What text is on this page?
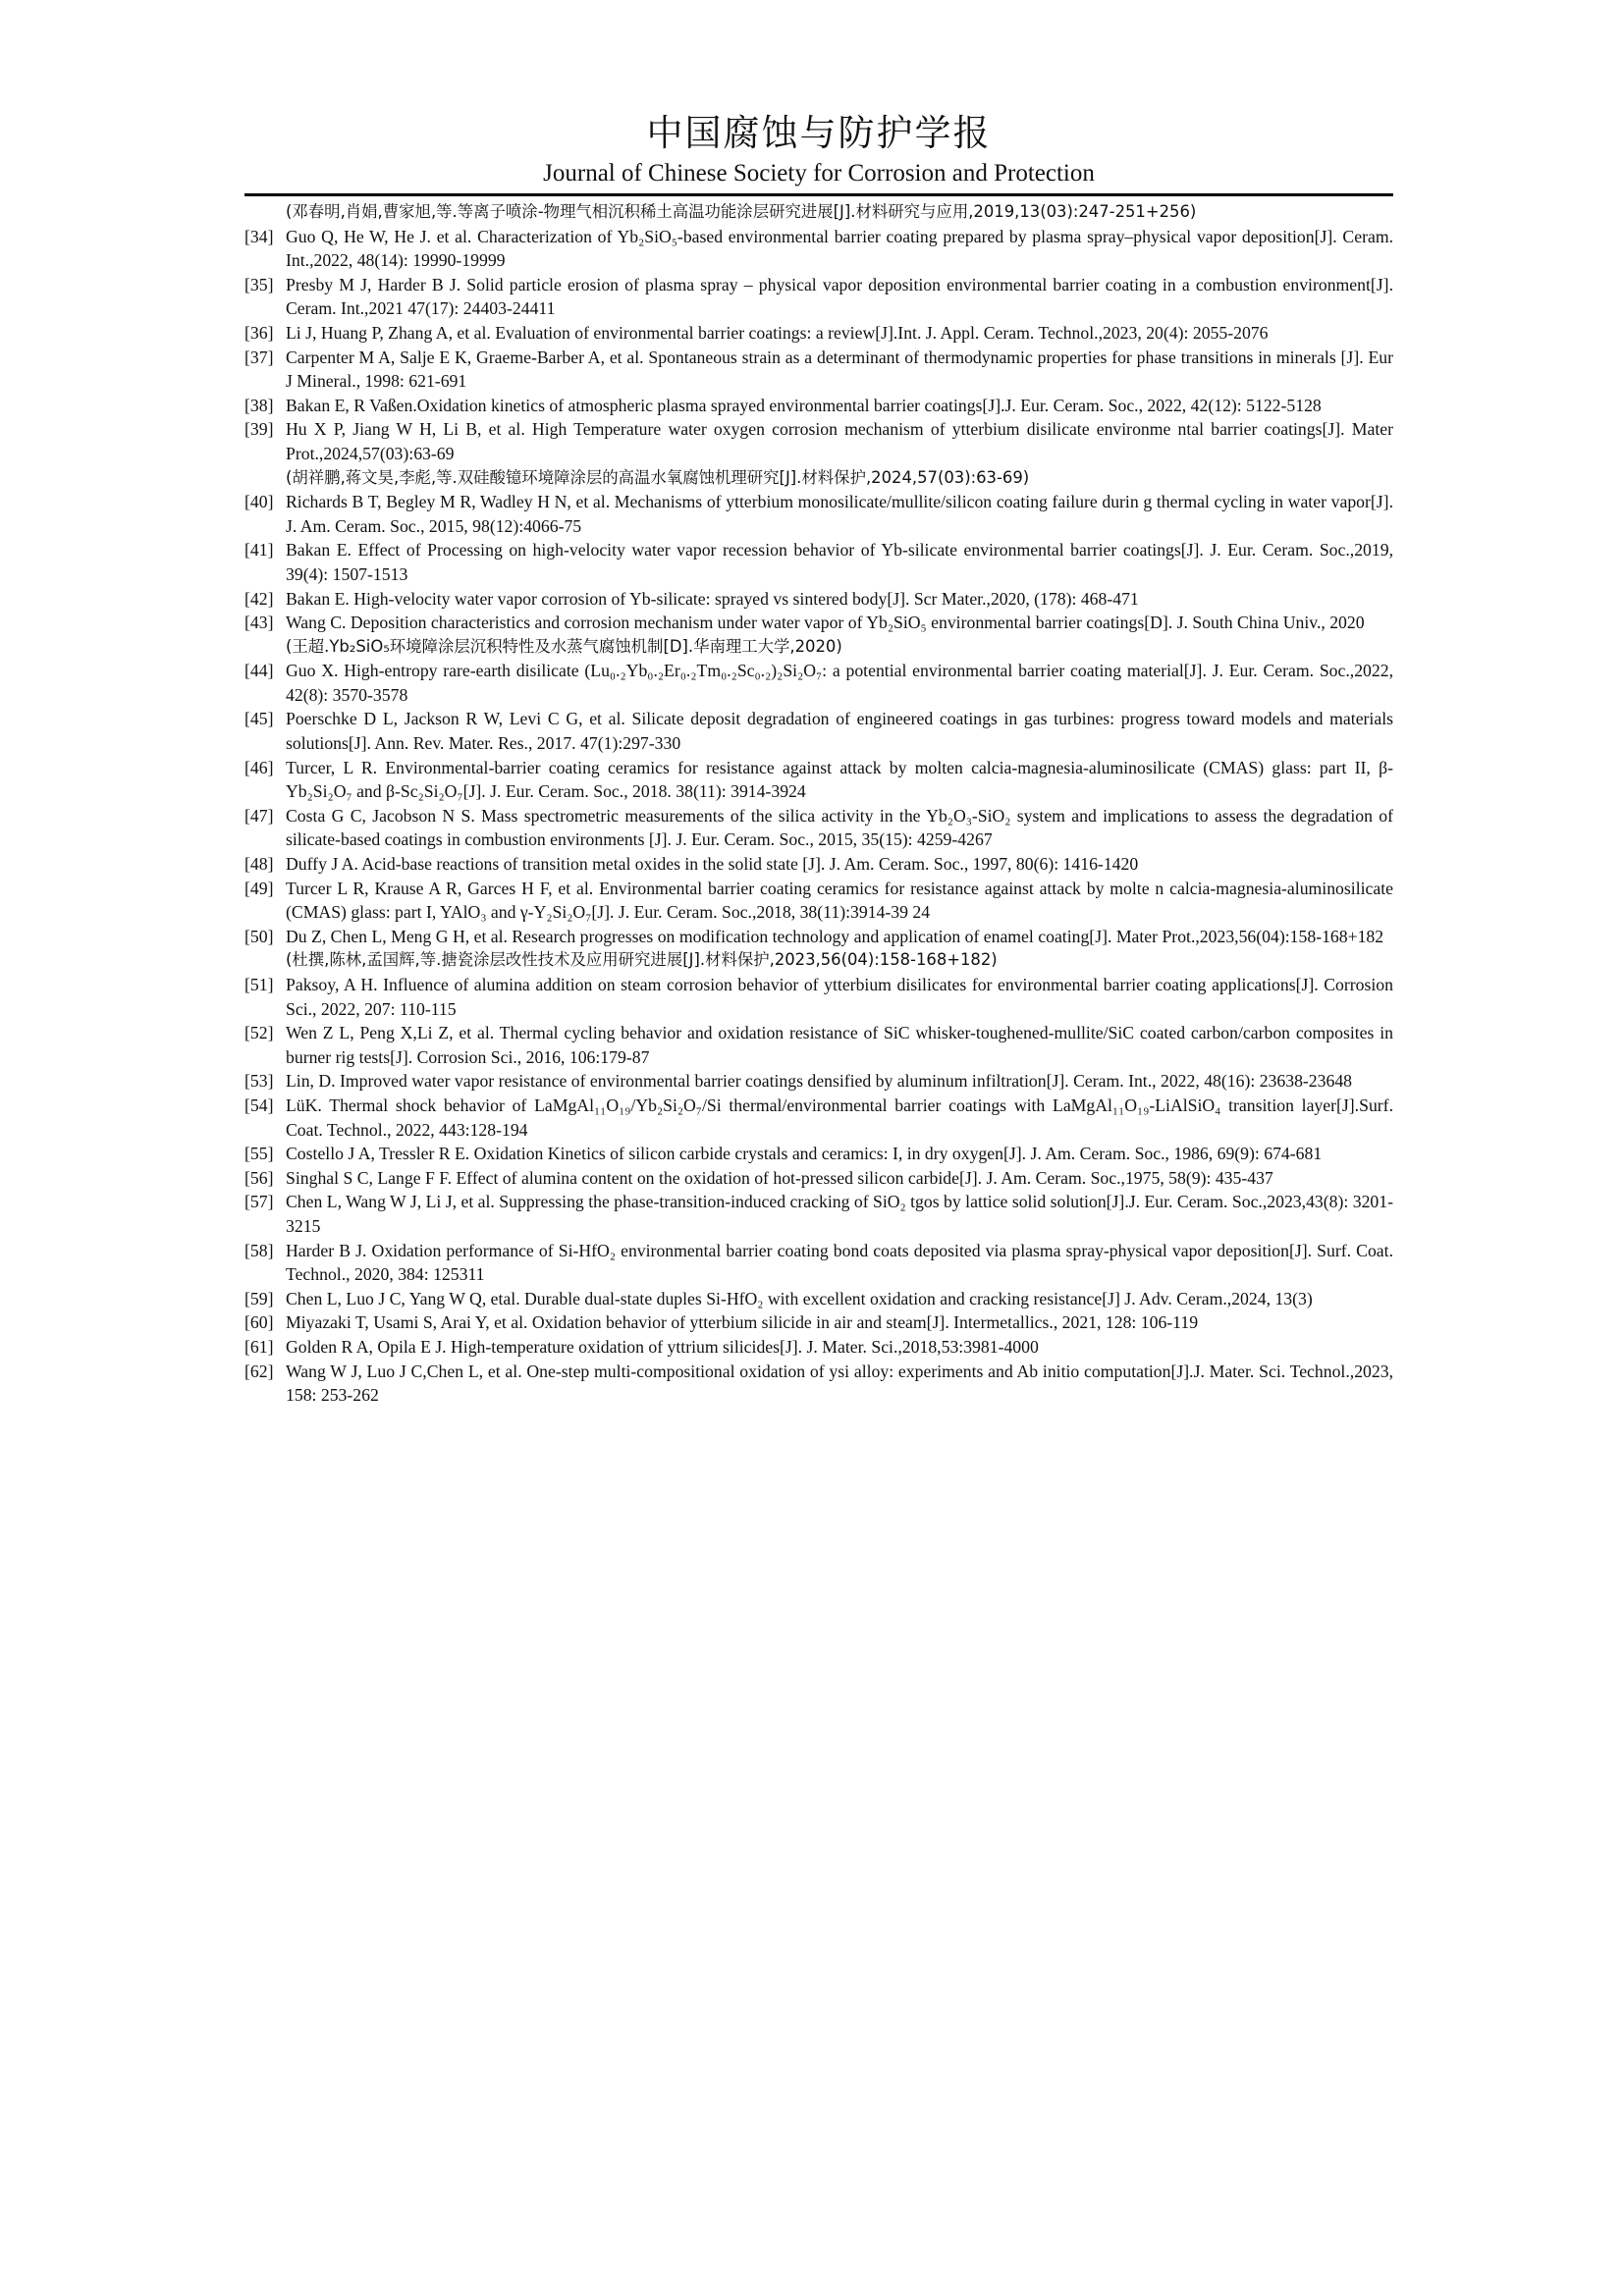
中国腐蚀与防护学报
Journal of Chinese Society for Corrosion and Protection
(邓春明,肖娟,曹家旭,等.等离子喷涂-物理气相沉积稀土高温功能涂层研究进展[J].材料研究与应用,2019,13(03):247-251+256)
[34] Guo Q, He W, He J. et al. Characterization of Yb₂SiO₅-based environmental barrier coating prepared by plasma spray–physical vapor deposition[J]. Ceram. Int.,2022, 48(14): 19990-19999
[35] Presby M J, Harder B J. Solid particle erosion of plasma spray – physical vapor deposition environmental barrier coating in a combustion environment[J]. Ceram. Int.,2021 47(17): 24403-24411
[36] Li J, Huang P, Zhang A, et al. Evaluation of environmental barrier coatings: a review[J].Int. J. Appl. Ceram. Technol.,2023, 20(4): 2055-2076
[37] Carpenter M A, Salje E K, Graeme-Barber A, et al. Spontaneous strain as a determinant of thermodynamic properties for phase transitions in minerals [J]. Eur J Mineral., 1998: 621-691
[38] Bakan E, R Vaßen.Oxidation kinetics of atmospheric plasma sprayed environmental barrier coatings[J].J. Eur. Ceram. Soc., 2022, 42(12): 5122-5128
[39] Hu X P, Jiang W H, Li B, et al. High Temperature water oxygen corrosion mechanism of ytterbium disilicate environme ntal barrier coatings[J]. Mater Prot.,2024,57(03):63-69
(胡祥鹏,蒋文昊,李彪,等.双硅酸镱环境障涂层的高温水氧腐蚀机理研究[J].材料保护,2024,57(03):63-69)
[40] Richards B T, Begley M R, Wadley H N, et al. Mechanisms of ytterbium monosilicate/mullite/silicon coating failure durin g thermal cycling in water vapor[J]. J. Am. Ceram. Soc., 2015, 98(12):4066-75
[41] Bakan E. Effect of Processing on high-velocity water vapor recession behavior of Yb-silicate environmental barrier coatings[J]. J. Eur. Ceram. Soc.,2019, 39(4): 1507-1513
[42] Bakan E. High-velocity water vapor corrosion of Yb-silicate: sprayed vs sintered body[J]. Scr Mater.,2020, (178): 468-471
[43] Wang C. Deposition characteristics and corrosion mechanism under water vapor of Yb₂SiO₅ environmental barrier coatings[D]. J. South China Univ., 2020
(王超.Yb₂SiO₅环境障涂层沉积特性及水蒸气腐蚀机制[D].华南理工大学,2020)
[44] Guo X. High-entropy rare-earth disilicate (Lu₀.₂Yb₀.₂Er₀.₂Tm₀.₂Sc₀.₂)₂Si₂O₇: a potential environmental barrier coating material[J]. J. Eur. Ceram. Soc.,2022, 42(8): 3570-3578
[45] Poerschke D L, Jackson R W, Levi C G, et al. Silicate deposit degradation of engineered coatings in gas turbines: progress toward models and materials solutions[J]. Ann. Rev. Mater. Res., 2017. 47(1):297-330
[46] Turcer, L R. Environmental-barrier coating ceramics for resistance against attack by molten calcia-magnesia-aluminosilicate (CMAS) glass: part II, β-Yb₂Si₂O₇ and β-Sc₂Si₂O₇[J]. J. Eur. Ceram. Soc., 2018. 38(11): 3914-3924
[47] Costa G C, Jacobson N S. Mass spectrometric measurements of the silica activity in the Yb₂O₃-SiO₂ system and implications to assess the degradation of silicate-based coatings in combustion environments [J]. J. Eur. Ceram. Soc., 2015, 35(15): 4259-4267
[48] Duffy J A. Acid-base reactions of transition metal oxides in the solid state [J]. J. Am. Ceram. Soc., 1997, 80(6): 1416-1420
[49] Turcer L R, Krause A R, Garces H F, et al. Environmental barrier coating ceramics for resistance against attack by molte n calcia-magnesia-aluminosilicate (CMAS) glass: part I, YAlO₃ and γ-Y₂Si₂O₇[J]. J. Eur. Ceram. Soc.,2018, 38(11):3914-39 24
[50] Du Z, Chen L, Meng G H, et al. Research progresses on modification technology and application of enamel coating[J]. Mater Prot.,2023,56(04):158-168+182
(杜撰,陈林,孟国辉,等.搪瓷涂层改性技术及应用研究进展[J].材料保护,2023,56(04):158-168+182)
[51] Paksoy, A H. Influence of alumina addition on steam corrosion behavior of ytterbium disilicates for environmental barrier coating applications[J]. Corrosion Sci., 2022, 207: 110-115
[52] Wen Z L, Peng X,Li Z, et al. Thermal cycling behavior and oxidation resistance of SiC whisker-toughened-mullite/SiC coated carbon/carbon composites in burner rig tests[J]. Corrosion Sci., 2016, 106:179-87
[53] Lin, D. Improved water vapor resistance of environmental barrier coatings densified by aluminum infiltration[J]. Ceram. Int., 2022, 48(16): 23638-23648
[54] LüK. Thermal shock behavior of LaMgAl₁₁O₁₉/Yb₂Si₂O₇/Si thermal/environmental barrier coatings with LaMgAl₁₁O₁₉-LiAlSiO₄ transition layer[J].Surf. Coat. Technol., 2022, 443:128-194
[55] Costello J A, Tressler R E. Oxidation Kinetics of silicon carbide crystals and ceramics: I, in dry oxygen[J]. J. Am. Ceram. Soc., 1986, 69(9): 674-681
[56] Singhal S C, Lange F F. Effect of alumina content on the oxidation of hot-pressed silicon carbide[J]. J. Am. Ceram. Soc.,1975, 58(9): 435-437
[57] Chen L, Wang W J, Li J, et al. Suppressing the phase-transition-induced cracking of SiO₂ tgos by lattice solid solution[J].J. Eur. Ceram. Soc.,2023,43(8): 3201-3215
[58] Harder B J. Oxidation performance of Si-HfO₂ environmental barrier coating bond coats deposited via plasma spray-physical vapor deposition[J]. Surf. Coat. Technol., 2020, 384: 125311
[59] Chen L, Luo J C, Yang W Q, etal. Durable dual-state duples Si-HfO₂ with excellent oxidation and cracking resistance[J] J. Adv. Ceram.,2024, 13(3)
[60] Miyazaki T, Usami S, Arai Y, et al. Oxidation behavior of ytterbium silicide in air and steam[J]. Intermetallics., 2021, 128: 106-119
[61] Golden R A, Opila E J. High-temperature oxidation of yttrium silicides[J]. J. Mater. Sci.,2018,53:3981-4000
[62] Wang W J, Luo J C,Chen L, et al. One-step multi-compositional oxidation of ysi alloy: experiments and Ab initio computation[J].J. Mater. Sci. Technol.,2023, 158: 253-262
